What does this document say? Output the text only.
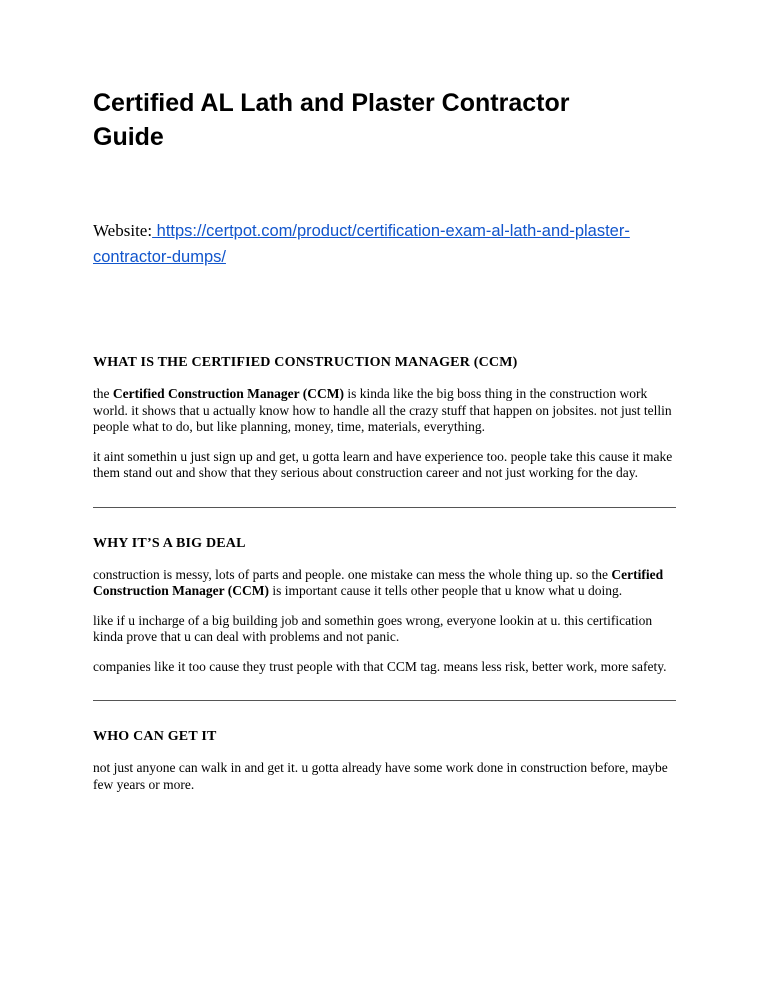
Certified AL Lath and Plaster Contractor Guide

Website: https://certpot.com/product/certification-exam-al-lath-and-plaster-contractor-dumps/

WHAT IS THE CERTIFIED CONSTRUCTION MANAGER (CCM)

the Certified Construction Manager (CCM) is kinda like the big boss thing in the construction work world. it shows that u actually know how to handle all the crazy stuff that happen on jobsites. not just tellin people what to do, but like planning, money, time, materials, everything.

it aint somethin u just sign up and get, u gotta learn and have experience too. people take this cause it make them stand out and show that they serious about construction career and not just working for the day.

WHY IT’S A BIG DEAL

construction is messy, lots of parts and people. one mistake can mess the whole thing up. so the Certified Construction Manager (CCM) is important cause it tells other people that u know what u doing.

like if u incharge of a big building job and somethin goes wrong, everyone lookin at u. this certification kinda prove that u can deal with problems and not panic.

companies like it too cause they trust people with that CCM tag. means less risk, better work, more safety.

WHO CAN GET IT

not just anyone can walk in and get it. u gotta already have some work done in construction before, maybe few years or more.
